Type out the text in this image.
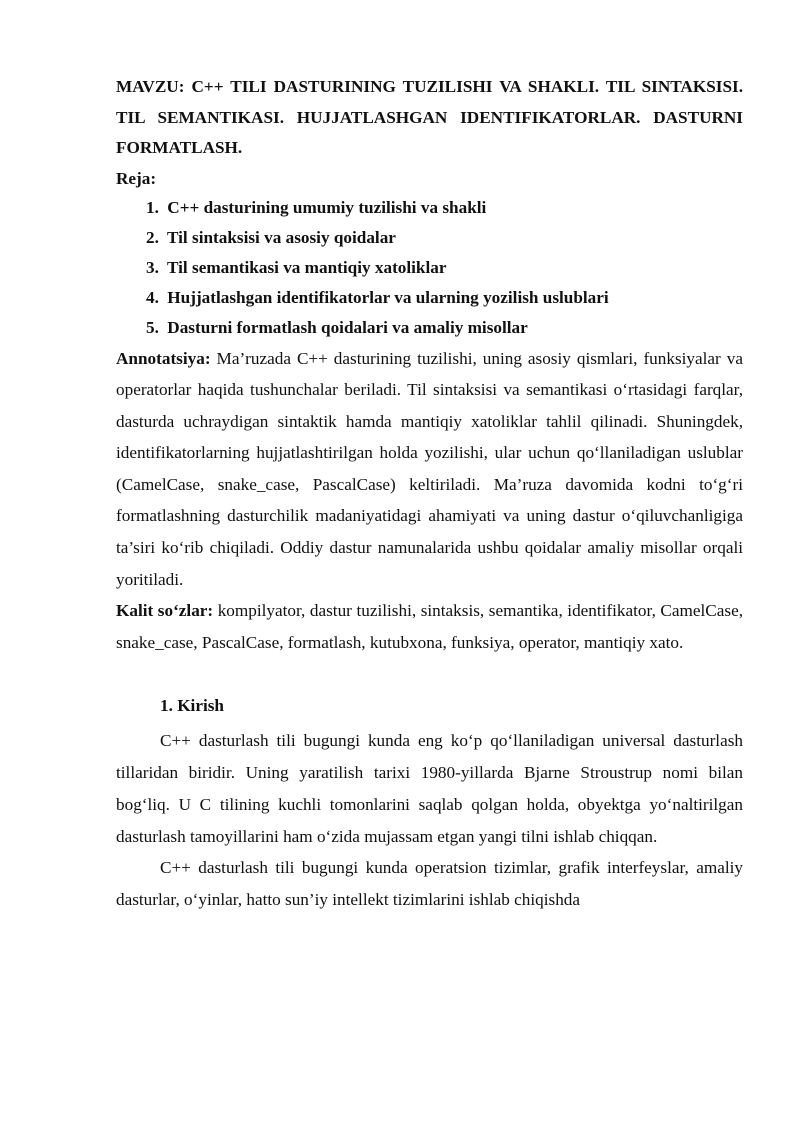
MAVZU: C++ TILI DASTURINING TUZILISHI VA SHAKLI. TIL SINTAKSISI. TIL SEMANTIKASI. HUJJATLASHGAN IDENTIFIKATORLAR. DASTURNI FORMATLASH.

Reja:

1. C++ dasturining umumiy tuzilishi va shakli
2. Til sintaksisi va asosiy qoidalar
3. Til semantikasi va mantiqiy xatoliklar
4. Hujjatlashgan identifikatorlar va ularning yozilish uslublari
5. Dasturni formatlash qoidalari va amaliy misollar

Annotatsiya: Ma’ruzada C++ dasturining tuzilishi, uning asosiy qismlari, funksiyalar va operatorlar haqida tushunchalar beriladi. Til sintaksisi va semantikasi o‘rtasidagi farqlar, dasturda uchraydigan sintaktik hamda mantiqiy xatoliklar tahlil qilinadi. Shuningdek, identifikatorlarning hujjatlashtirilgan holda yozilishi, ular uchun qo‘llaniladigan uslublar (CamelCase, snake_case, PascalCase) keltiriladi. Ma’ruza davomida kodni to‘g‘ri formatlashning dasturchilik madaniyatidagi ahamiyati va uning dastur o‘qiluvchanligiga ta’siri ko‘rib chiqiladi. Oddiy dastur namunalarida ushbu qoidalar amaliy misollar orqali yoritiladi.

Kalit so‘zlar: kompilyator, dastur tuzilishi, sintaksis, semantika, identifikator, CamelCase, snake_case, PascalCase, formatlash, kutubxona, funksiya, operator, mantiqiy xato.

1. Kirish

C++ dasturlash tili bugungi kunda eng ko‘p qo‘llaniladigan universal dasturlash tillaridan biridir. Uning yaratilish tarixi 1980-yillarda Bjarne Stroustrup nomi bilan bog‘liq. U C tilining kuchli tomonlarini saqlab qolgan holda, obyektga yo‘naltirilgan dasturlash tamoyillarini ham o‘zida mujassam etgan yangi tilni ishlab chiqqan.

C++ dasturlash tili bugungi kunda operatsion tizimlar, grafik interfeyslar, amaliy dasturlar, o‘yinlar, hatto sun’iy intellekt tizimlarini ishlab chiqishda
